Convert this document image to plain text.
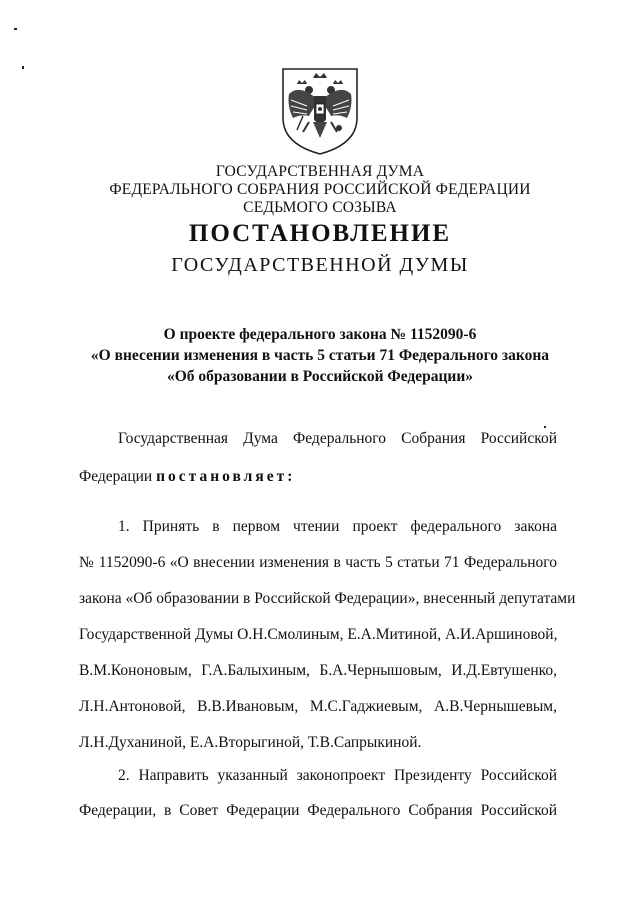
ГОСУДАРСТВЕННАЯ ДУМА
ФЕДЕРАЛЬНОГО СОБРАНИЯ РОССИЙСКОЙ ФЕДЕРАЦИИ
СЕДЬМОГО СОЗЫВА
ПОСТАНОВЛЕНИЕ
ГОСУДАРСТВЕННОЙ ДУМЫ
О проекте федерального закона № 1152090-6
«О внесении изменения в часть 5 статьи 71 Федерального закона
«Об образовании в Российской Федерации»
Государственная Дума Федерального Собрания Российской
Федерации постановляет:
1. Принять в первом чтении проект федерального закона
№ 1152090-6 «О внесении изменения в часть 5 статьи 71 Федерального
закона «Об образовании в Российской Федерации», внесенный депутатами
Государственной Думы О.Н.Смолиным, Е.А.Митиной, А.И.Аршиновой,
В.М.Кононовым, Г.А.Балыхиным, Б.А.Чернышовым, И.Д.Евтушенко,
Л.Н.Антоновой, В.В.Ивановым, М.С.Гаджиевым, А.В.Чернышевым,
Л.Н.Духаниной, Е.А.Вторыгиной, Т.В.Сапрыкиной.
2. Направить указанный законопроект Президенту Российской
Федерации, в Совет Федерации Федерального Собрания Российской
